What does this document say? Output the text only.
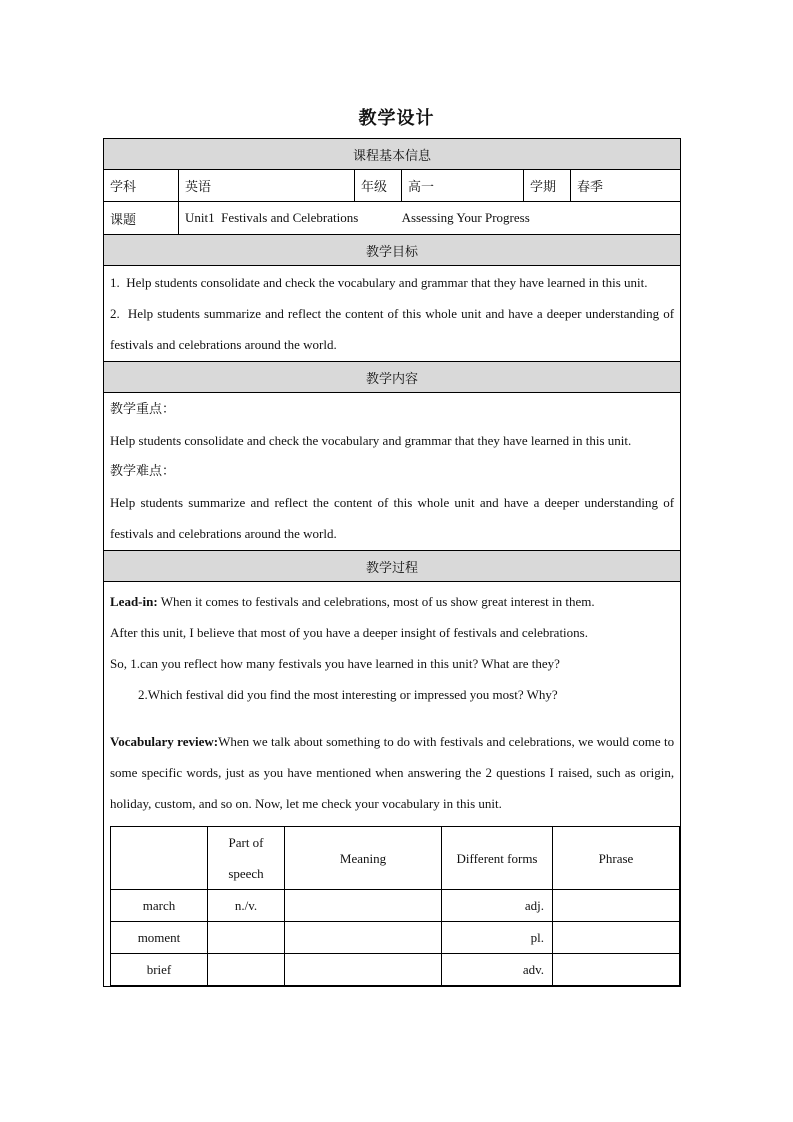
教学设计
课程基本信息
学科	英语	年级	高一	学期	春季
课题	Unit1  Festivals and Celebrations	Assessing Your Progress
教学目标

1.  Help students consolidate and check the vocabulary and grammar that they have learned in this unit.

2.  Help students summarize and reflect the content of this whole unit and have a deeper understanding of festivals and celebrations around the world.

教学内容

教学重点：

Help students consolidate and check the vocabulary and grammar that they have learned in this unit.

教学难点：

Help students summarize and reflect the content of this whole unit and have a deeper understanding of festivals and celebrations around the world.

教学过程

Lead-in: When it comes to festivals and celebrations, most of us show great interest in them.

After this unit, I believe that most of you have a deeper insight of festivals and celebrations.

So, 1.can you reflect how many festivals you have learned in this unit? What are they?

2.Which festival did you find the most interesting or impressed you most? Why?

Vocabulary review:When we talk about something to do with festivals and celebrations, we would come to some specific words, just as you have mentioned when answering the 2 questions I raised, such as origin, holiday, custom, and so on. Now, let me check your vocabulary in this unit.

	Part of speech	Meaning	Different forms	Phrase
march	n./v.		adj.	
moment			pl.	
brief			adv.	
